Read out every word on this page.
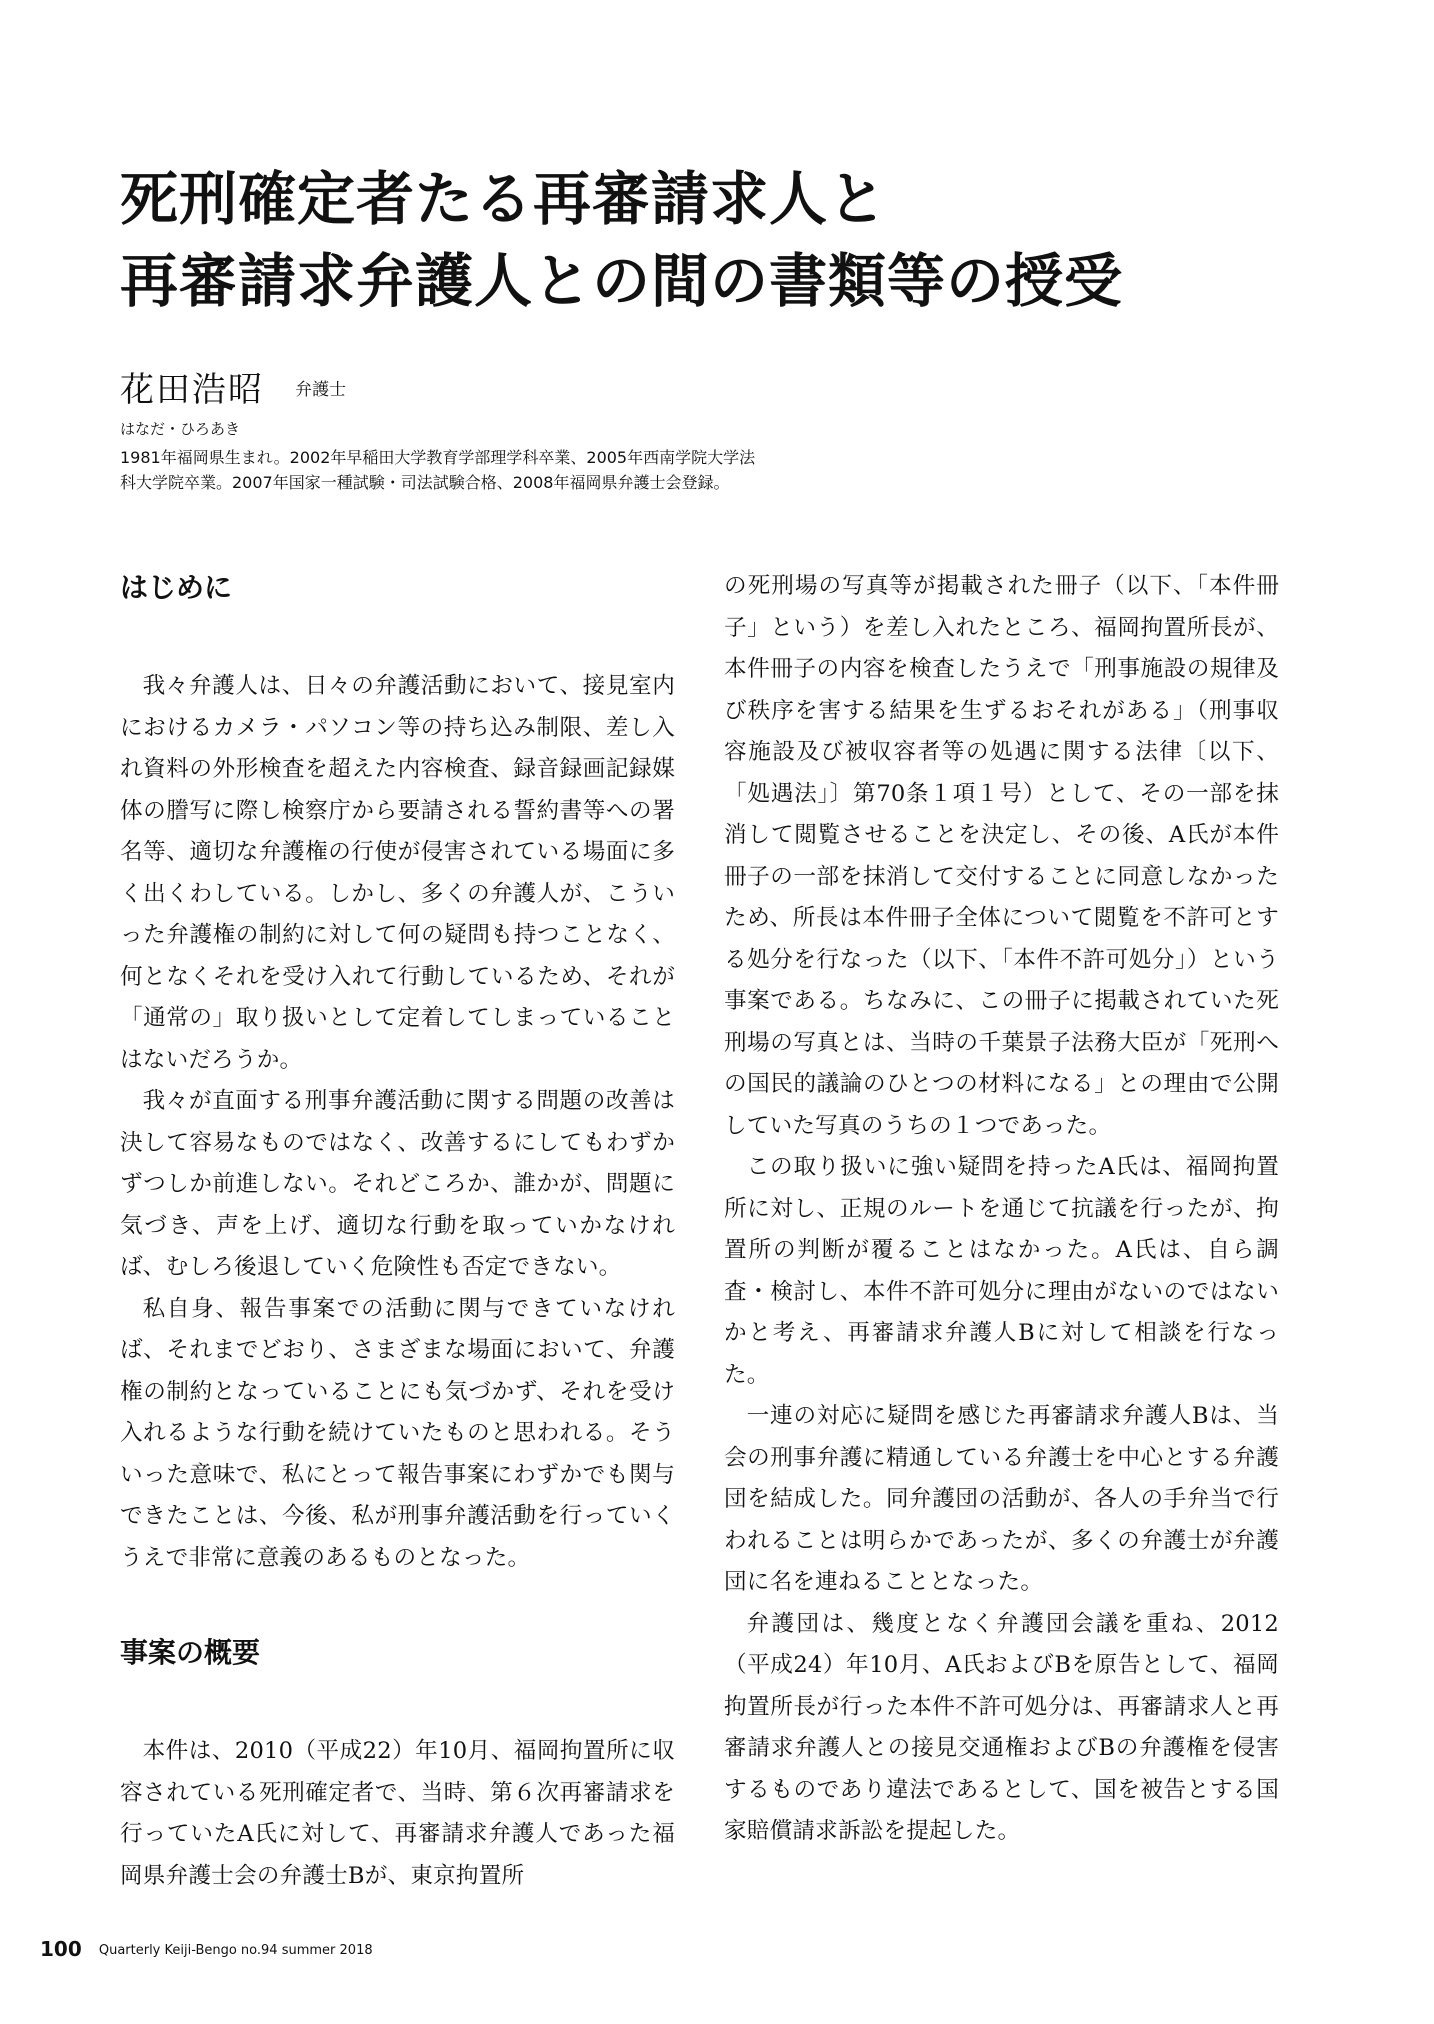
死刑確定者たる再審請求人と
再審請求弁護人との間の書類等の授受
花田浩昭 弁護士
はなだ・ひろあき
1981年福岡県生まれ。2002年早稲田大学教育学部理学科卒業、2005年西南学院大学法
科大学院卒業。2007年国家一種試験・司法試験合格、2008年福岡県弁護士会登録。
はじめに

我々弁護人は、日々の弁護活動において、接見室内におけるカメラ・パソコン等の持ち込み制限、差し入れ資料の外形検査を超えた内容検査、録音録画記録媒体の謄写に際し検察庁から要請される誓約書等への署名等、適切な弁護権の行使が侵害されている場面に多く出くわしている。しかし、多くの弁護人が、こういった弁護権の制約に対して何の疑問も持つことなく、何となくそれを受け入れて行動しているため、それが「通常の」取り扱いとして定着してしまっていることはないだろうか。

我々が直面する刑事弁護活動に関する問題の改善は決して容易なものではなく、改善するにしてもわずかずつしか前進しない。それどころか、誰かが、問題に気づき、声を上げ、適切な行動を取っていかなければ、むしろ後退していく危険性も否定できない。

私自身、報告事案での活動に関与できていなければ、それまでどおり、さまざまな場面において、弁護権の制約となっていることにも気づかず、それを受け入れるような行動を続けていたものと思われる。そういった意味で、私にとって報告事案にわずかでも関与できたことは、今後、私が刑事弁護活動を行っていくうえで非常に意義のあるものとなった。

事案の概要

本件は、2010（平成22）年10月、福岡拘置所に収容されている死刑確定者で、当時、第６次再審請求を行っていたA氏に対して、再審請求弁護人であった福岡県弁護士会の弁護士Bが、東京拘置所

の死刑場の写真等が掲載された冊子（以下、「本件冊子」という）を差し入れたところ、福岡拘置所長が、本件冊子の内容を検査したうえで「刑事施設の規律及び秩序を害する結果を生ずるおそれがある」（刑事収容施設及び被収容者等の処遇に関する法律〔以下、「処遇法」〕第70条１項１号）として、その一部を抹消して閲覧させることを決定し、その後、A氏が本件冊子の一部を抹消して交付することに同意しなかったため、所長は本件冊子全体について閲覧を不許可とする処分を行なった（以下、「本件不許可処分」）という事案である。ちなみに、この冊子に掲載されていた死刑場の写真とは、当時の千葉景子法務大臣が「死刑への国民的議論のひとつの材料になる」との理由で公開していた写真のうちの１つであった。

この取り扱いに強い疑問を持ったA氏は、福岡拘置所に対し、正規のルートを通じて抗議を行ったが、拘置所の判断が覆ることはなかった。A氏は、自ら調査・検討し、本件不許可処分に理由がないのではないかと考え、再審請求弁護人Bに対して相談を行なった。

一連の対応に疑問を感じた再審請求弁護人Bは、当会の刑事弁護に精通している弁護士を中心とする弁護団を結成した。同弁護団の活動が、各人の手弁当で行われることは明らかであったが、多くの弁護士が弁護団に名を連ねることとなった。

弁護団は、幾度となく弁護団会議を重ね、2012（平成24）年10月、A氏およびBを原告として、福岡拘置所長が行った本件不許可処分は、再審請求人と再審請求弁護人との接見交通権およびBの弁護権を侵害するものであり違法であるとして、国を被告とする国家賠償請求訴訟を提起した。

100 Quarterly Keiji-Bengo no.94 summer 2018
